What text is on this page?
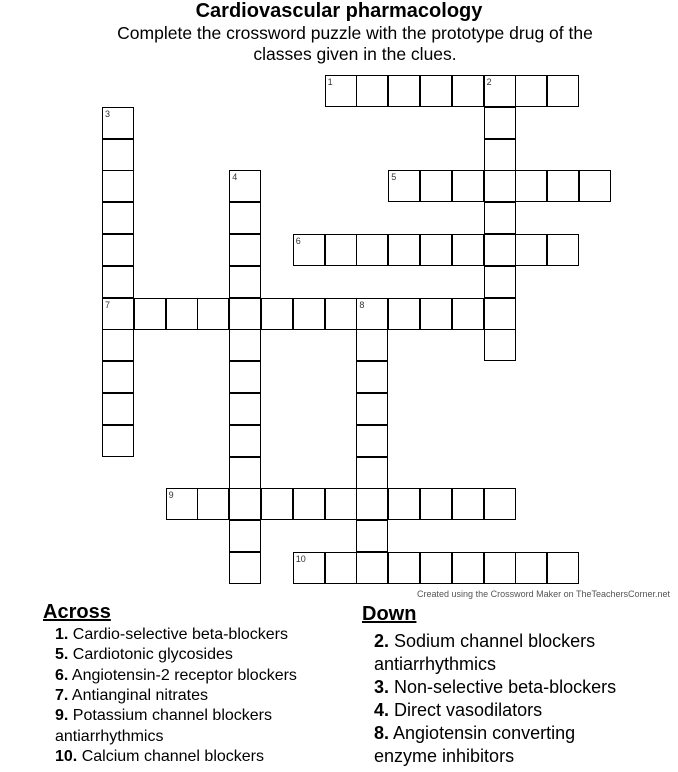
Cardiovascular pharmacology
Complete the crossword puzzle with the prototype drug of the classes given in the clues.
1	2
3
7
4	5
6
8
9
10
Created using the Crossword Maker on TheTeachersCorner.net
Across	Down
1. Cardio-selective beta-blockers
5. Cardiotonic glycosides
6. Angiotensin-2 receptor blockers
7. Antianginal nitrates
9. Potassium channel blockers
antiarrhythmics
10. Calcium channel blockers
2. Sodium channel blockers
antiarrhythmics
3. Non-selective beta-blockers
4. Direct vasodilators
8. Angiotensin converting
enzyme inhibitors
